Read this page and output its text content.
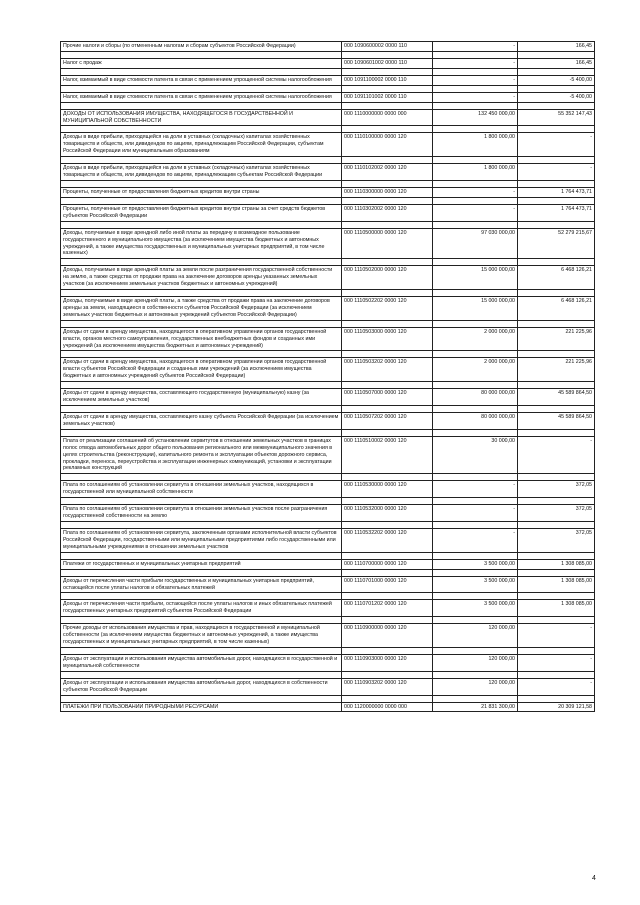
Прочие налоги и сборы (по отмененным налогам и сборам субъектов Российской Федерации)	000 1090600002 0000 110	-	166,45

Налог с продаж	000 1090601002 0000 110	-	166,45

Налог, взимаемый в виде стоимости патента в связи с применением упрощенной системы налогообложения	000 1091100002 0000 110	-	-5 400,00

Налог, взимаемый в виде стоимости патента в связи с применением упрощенной системы налогообложения	000 1091101002 0000 110	-	-5 400,00

ДОХОДЫ ОТ ИСПОЛЬЗОВАНИЯ ИМУЩЕСТВА, НАХОДЯЩЕГОСЯ В ГОСУДАРСТВЕННОЙ И МУНИЦИПАЛЬНОЙ СОБСТВЕННОСТИ	000 1110000000 0000 000	132 450 000,00	55 352 147,43

Доходы в виде прибыли, приходящейся на доли в уставных (складочных) капиталах хозяйственных товариществ и обществ, или дивидендов по акциям, принадлежащим Российской Федерации, субъектам Российской Федерации или муниципальным образованиям	000 1110100000 0000 120	1 800 000,00	-

Доходы в виде прибыли, приходящейся на доли в уставных (складочных) капиталах хозяйственных товариществ и обществ, или дивидендов по акциям, принадлежащим субъектам Российской Федерации	000 1110102002 0000 120	1 800 000,00	-

Проценты, полученные от предоставления бюджетных кредитов внутри страны	000 1110300000 0000 120	-	1 764 473,71

Проценты, полученные от предоставления бюджетных кредитов внутри страны за счет средств бюджетов субъектов Российской Федерации	000 1110302002 0000 120	-	1 764 473,71

Доходы, получаемые в виде арендной либо иной платы за передачу в возмездное пользование государственного и муниципального имущества (за исключением имущества бюджетных и автономных учреждений, а также имущества государственных и муниципальных унитарных предприятий, в том числе казенных)	000 1110500000 0000 120	97 030 000,00	52 279 215,67

Доходы, получаемые в виде арендной платы за земли после разграничения государственной собственности на землю, а также средства от продажи права на заключение договоров аренды указанных земельных участков (за исключением земельных участков бюджетных и автономных учреждений)	000 1110502000 0000 120	15 000 000,00	6 468 126,21

Доходы, получаемые в виде арендной платы, а также средства от продажи права на заключение договоров аренды за земли, находящиеся в собственности субъектов Российской Федерации (за исключением земельных участков бюджетных и автономных учреждений субъектов Российской Федерации)	000 1110502202 0000 120	15 000 000,00	6 468 126,21

Доходы от сдачи в аренду имущества, находящегося в оперативном управлении органов государственной власти, органов местного самоуправления, государственных внебюджетных фондов и созданных ими учреждений (за исключением имущества бюджетных и автономных учреждений)	000 1110503000 0000 120	2 000 000,00	221 225,96

Доходы от сдачи в аренду имущества, находящегося в оперативном управлении органов государственной власти субъектов Российской Федерации и созданных ими учреждений (за исключением имущества бюджетных и автономных учреждений субъектов Российской Федерации)	000 1110503202 0000 120	2 000 000,00	221 225,96

Доходы от сдачи в аренду имущества, составляющего государственную (муниципальную) казну (за исключением земельных участков)	000 1110507000 0000 120	80 000 000,00	45 589 864,50

Доходы от сдачи в аренду имущества, составляющего казну субъекта Российской Федерации (за исключением земельных участков)	000 1110507202 0000 120	80 000 000,00	45 589 864,50

Плата от реализации соглашений об установлении сервитутов в отношении земельных участков в границах полос отвода автомобильных дорог общего пользования регионального или межмуниципального значения в целях строительства (реконструкции), капитального ремонта и эксплуатации объектов дорожного сервиса, прокладки, переноса, переустройства и эксплуатации инженерных коммуникаций, установки и эксплуатации рекламных конструкций	000 1110510002 0000 120	30 000,00	-

Плата по соглашениям об установлении сервитута в отношении земельных участков, находящихся в государственной или муниципальной собственности	000 1110530000 0000 120	-	372,05

Плата по соглашениям об установлении сервитута в отношении земельных участков после разграничения государственной собственности на землю	000 1110532000 0000 120	-	372,05

Плата по соглашениям об установлении сервитута, заключенным органами исполнительной власти субъектов Российской Федерации, государственными или муниципальными предприятиями либо государственными или муниципальными учреждениями в отношении земельных участков	000 1110532202 0000 120	-	372,05

Платежи от государственных и муниципальных унитарных предприятий	000 1110700000 0000 120	3 500 000,00	1 308 085,00

Доходы от перечисления части прибыли государственных и муниципальных унитарных предприятий, остающейся после уплаты налогов и обязательных платежей	000 1110701000 0000 120	3 500 000,00	1 308 085,00

Доходы от перечисления части прибыли, остающейся после уплаты налогов и иных обязательных платежей государственных унитарных предприятий субъектов Российской Федерации	000 1110701202 0000 120	3 500 000,00	1 308 085,00

Прочие доходы от использования имущества и прав, находящихся в государственной и муниципальной собственности (за исключением имущества бюджетных и автономных учреждений, а также имущества государственных и муниципальных унитарных предприятий, в том числе казенных)	000 1110900000 0000 120	120 000,00	-

Доходы от эксплуатации и использования имущества автомобильных дорог, находящихся в государственной и муниципальной собственности	000 1110903000 0000 120	120 000,00	-

Доходы от эксплуатации и использования имущества автомобильных дорог, находящихся в собственности субъектов Российской Федерации	000 1110903202 0000 120	120 000,00	-

ПЛАТЕЖИ ПРИ ПОЛЬЗОВАНИИ ПРИРОДНЫМИ РЕСУРСАМИ	000 1120000000 0000 000	21 831 300,00	20 309 121,58
4
